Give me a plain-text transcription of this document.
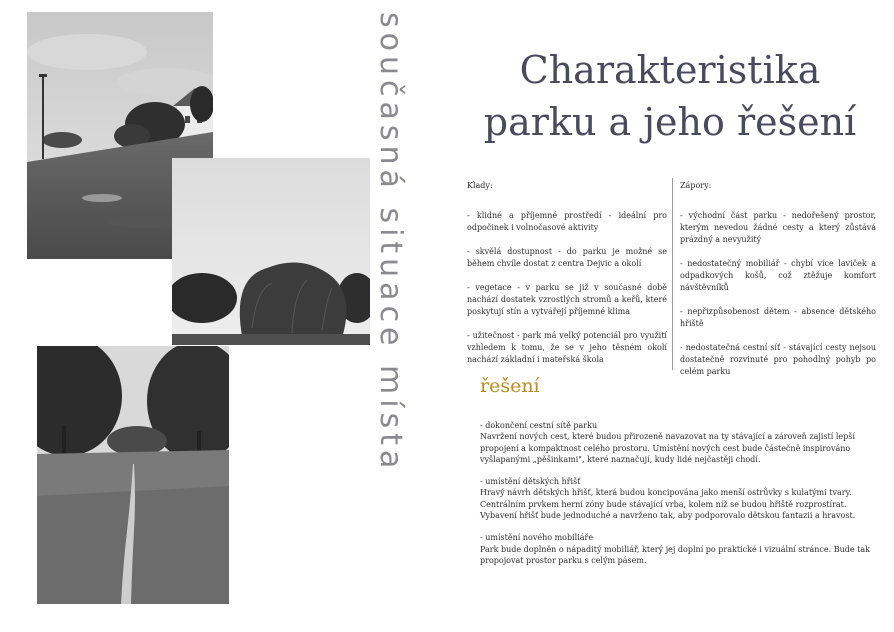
současná situace místa	Charakteristika
parku a jeho řešení
Klady:

- klidné a příjemné prostředí - ideální pro odpočinek i volnočasové aktivity

- skvělá dostupnost - do parku je možné se během chvíle dostat z centra Dejvic a okolí

- vegetace - v parku se již v současné době nachází dostatek vzrostlých stromů a keřů, které poskytují stín a vytvářejí příjemné klima

- užitečnost - park má velký potenciál pro využití vzhledem k tomu, že se v jeho těsném okolí nachází základní i mateřská škola

Zápory:

- východní část parku - nedořešený prostor, kterým nevedou žádné cesty a který zůstává prázdný a nevyužitý

- nedostatečný mobiliář - chybí více laviček a odpadkových košů, což ztěžuje komfort návštěvníků

- nepřizpůsobenost dětem - absence dětského hřiště

- nedostatečná cestní síť - stávající cesty nejsou dostatečně rozvinuté pro pohodlný pohyb po celém parku

řešení
- dokončení cestní sítě parku
Navržení nových cest, které budou přirozeně navazovat na ty stávající a zároveň zajistí lepší propojení a kompaktnost celého prostoru. Umístění nových cest bude částečně inspirováno vyšlapanými „pěšinkami", které naznačují, kudy lidé nejčastěji chodí.
- umístění dětských hřišť
Hravý návrh dětských hřišť, která budou koncipována jako menší ostrůvky s kulatými tvary. Centrálním prvkem herní zóny bude stávající vrba, kolem níž se budou hřiště rozprostírat. Vybavení hřišť bude jednoduché a navrženo tak, aby podporovalo dětskou fantazii a hravost.
- umístění nového mobiliáře
Park bude doplněn o nápaditý mobiliář, který jej doplní po praktické i vizuální stránce. Bude tak propojovat prostor parku s celým pásem.
